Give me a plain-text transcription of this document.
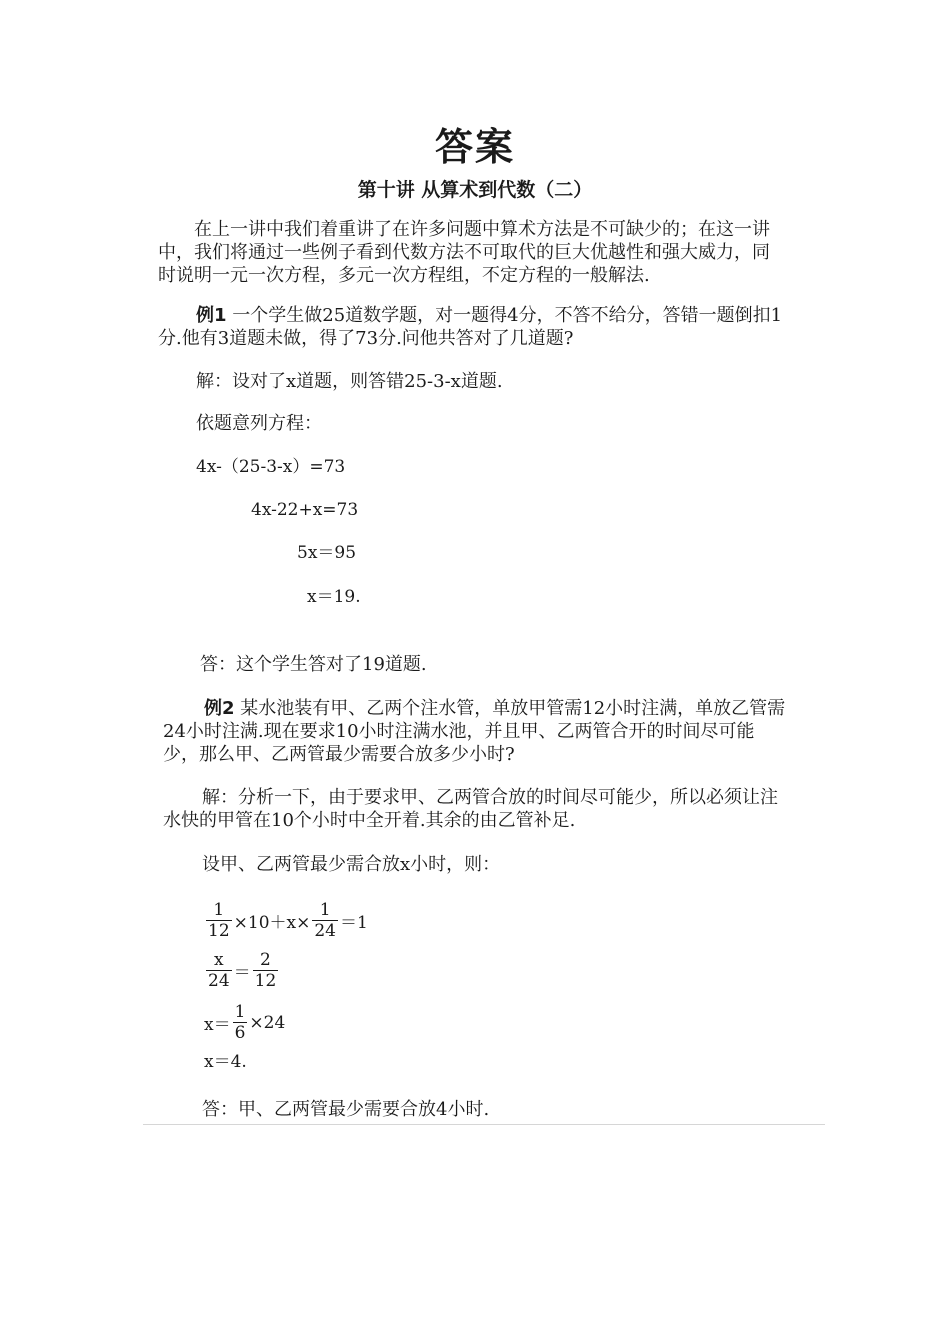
答案
第十讲 从算术到代数（二）
在上一讲中我们着重讲了在许多问题中算术方法是不可缺少的；在这一讲
中，我们将通过一些例子看到代数方法不可取代的巨大优越性和强大威力，同
时说明一元一次方程，多元一次方程组，不定方程的一般解法.
例1 一个学生做25道数学题，对一题得4分，不答不给分，答错一题倒扣1
分.他有3道题未做，得了73分.问他共答对了几道题?
解：设对了x道题，则答错25-3-x道题.
依题意列方程：
4x-（25-3-x）=73
4x-22+x=73
5x＝95
x＝19.
答：这个学生答对了19道题.
例2 某水池装有甲、乙两个注水管，单放甲管需12小时注满，单放乙管需
24小时注满.现在要求10小时注满水池，并且甲、乙两管合开的时间尽可能
少，那么甲、乙两管最少需要合放多少小时?
解：分析一下，由于要求甲、乙两管合放的时间尽可能少，所以必须让注
水快的甲管在10个小时中全开着.其余的由乙管补足.
设甲、乙两管最少需合放x小时，则：
$\frac{1}{12} \times 10+x\times \frac{1}{24} =1$
$\frac{x}{24} = \frac{2}{12}$
$x= \frac{1}{6} \times 24$
x＝4.
答：甲、乙两管最少需要合放4小时.
